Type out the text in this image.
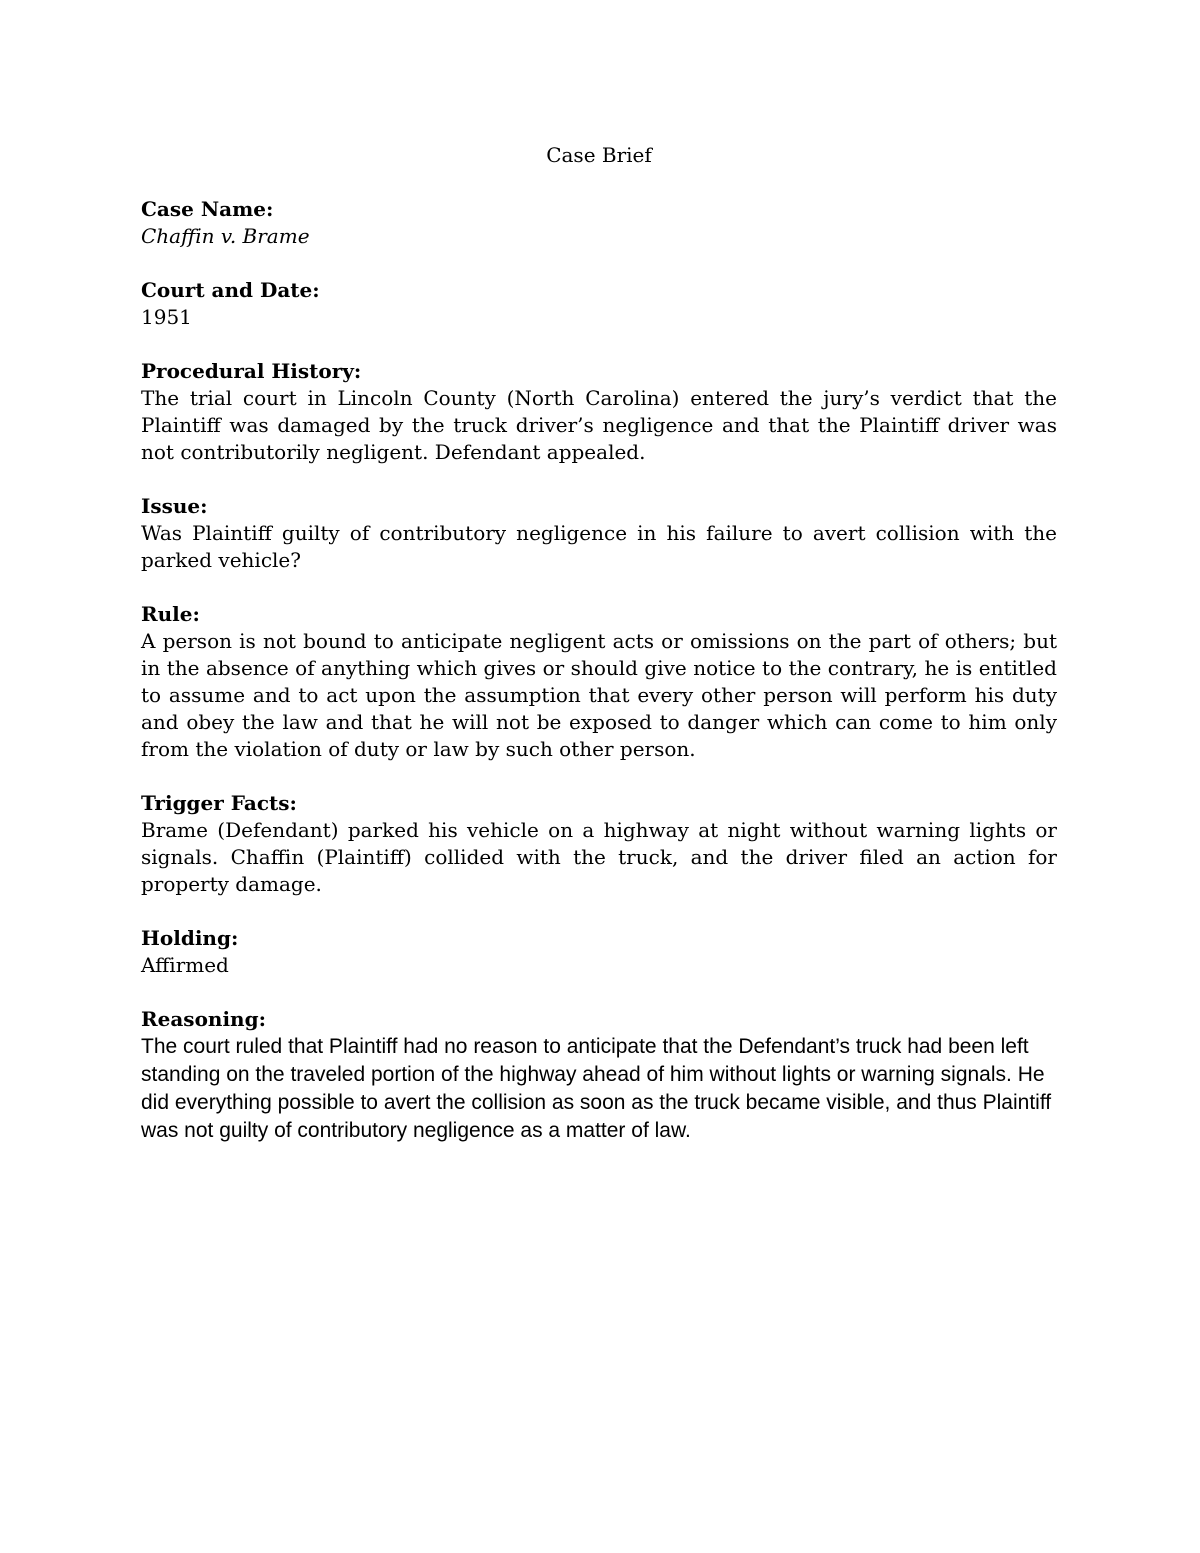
Case Brief

Case Name:

Chaffin v. Brame

Court and Date:

1951

Procedural History:

The trial court in Lincoln County (North Carolina) entered the jury’s verdict that the Plaintiff was damaged by the truck driver’s negligence and that the Plaintiff driver was not contributorily negligent. Defendant appealed.

Issue:

Was Plaintiff guilty of contributory negligence in his failure to avert collision with the parked vehicle?

Rule:

A person is not bound to anticipate negligent acts or omissions on the part of others; but in the absence of anything which gives or should give notice to the contrary, he is entitled to assume and to act upon the assumption that every other person will perform his duty and obey the law and that he will not be exposed to danger which can come to him only from the violation of duty or law by such other person.

Trigger Facts:

Brame (Defendant) parked his vehicle on a highway at night without warning lights or signals. Chaffin (Plaintiff) collided with the truck, and the driver filed an action for property damage.

Holding:

Affirmed

Reasoning:

The court ruled that Plaintiff had no reason to anticipate that the Defendant’s truck had been left standing on the traveled portion of the highway ahead of him without lights or warning signals. He did everything possible to avert the collision as soon as the truck became visible, and thus Plaintiff was not guilty of contributory negligence as a matter of law.
